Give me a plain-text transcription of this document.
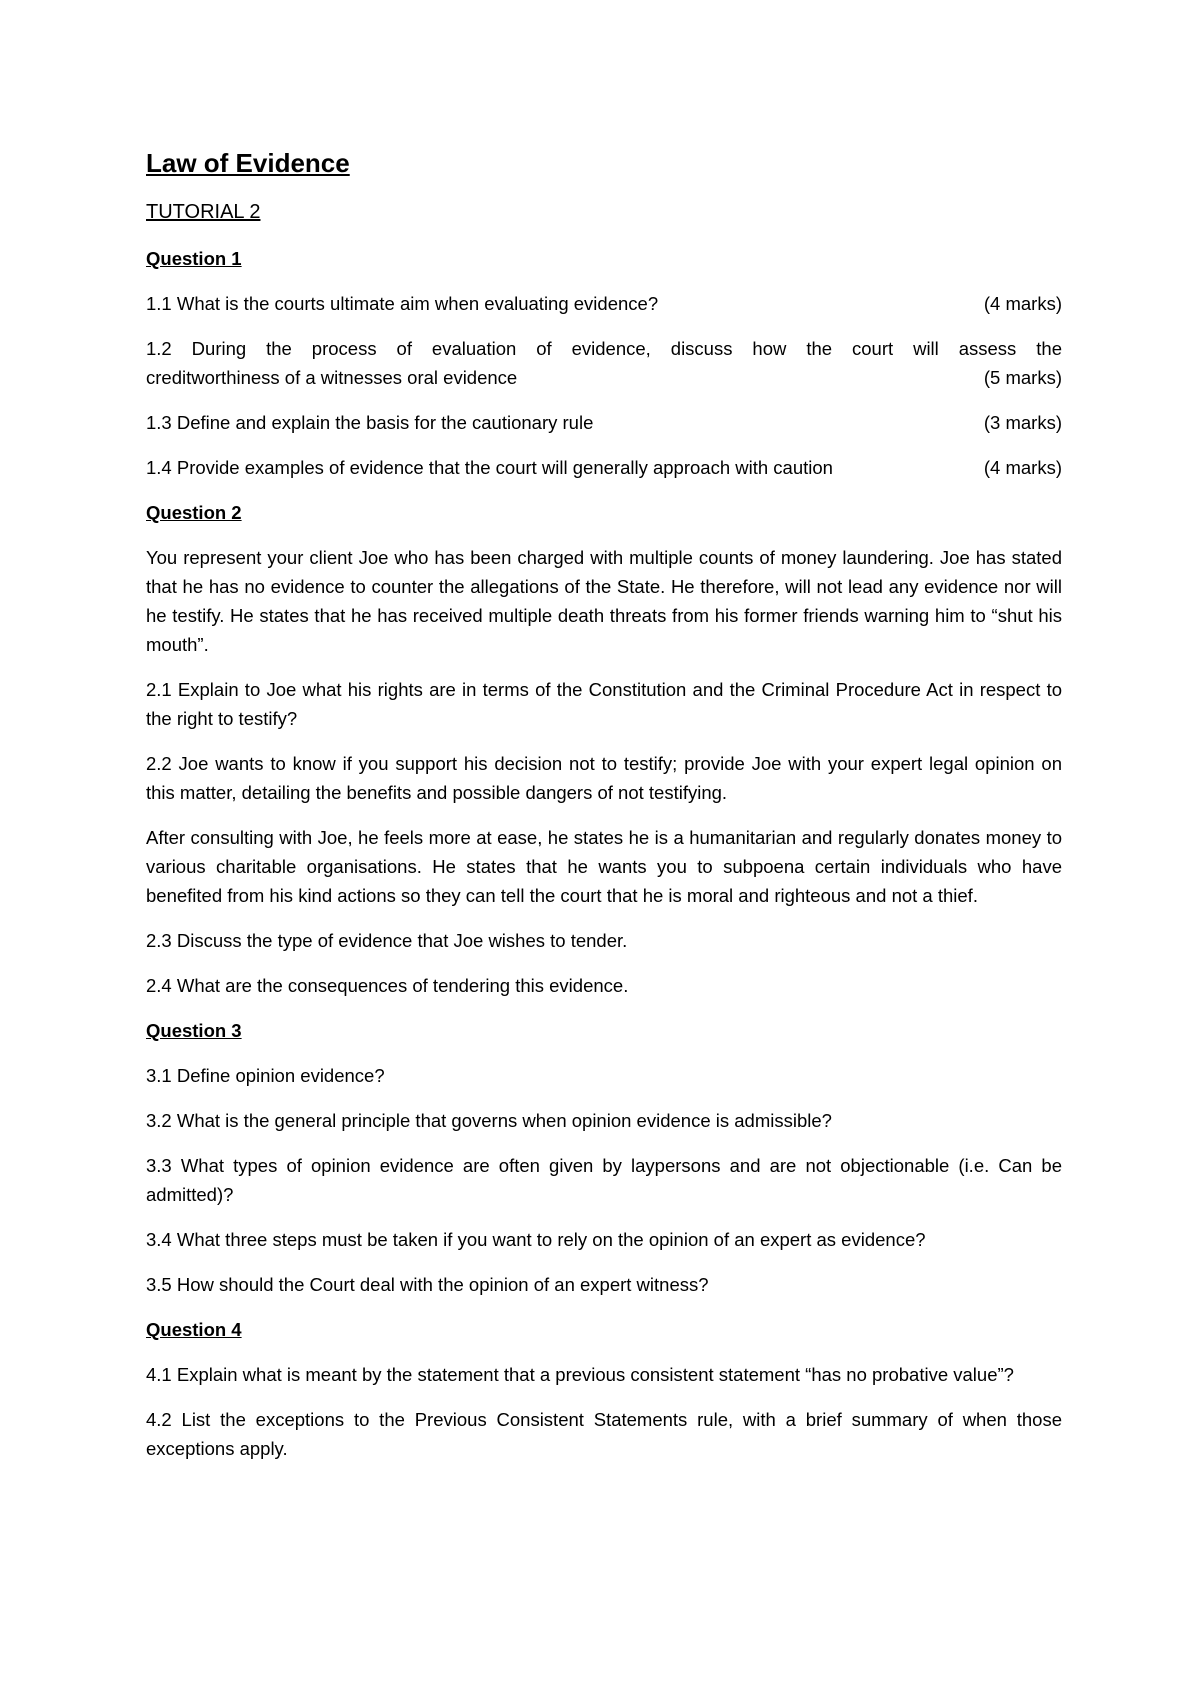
Law of Evidence
TUTORIAL 2
Question 1
1.1 What is the courts ultimate aim when evaluating evidence?	(4 marks)
1.2 During the process of evaluation of evidence, discuss how the court will assess the
creditworthiness of a witnesses oral evidence	(5 marks)
1.3 Define and explain the basis for the cautionary rule	(3 marks)
1.4 Provide examples of evidence that the court will generally approach with caution	(4 marks)
Question 2

You represent your client Joe who has been charged with multiple counts of money laundering. Joe has stated that he has no evidence to counter the allegations of the State. He therefore, will not lead any evidence nor will he testify. He states that he has received multiple death threats from his former friends warning him to “shut his mouth”.

2.1 Explain to Joe what his rights are in terms of the Constitution and the Criminal Procedure Act in respect to the right to testify?

2.2 Joe wants to know if you support his decision not to testify; provide Joe with your expert legal opinion on this matter, detailing the benefits and possible dangers of not testifying.

After consulting with Joe, he feels more at ease, he states he is a humanitarian and regularly donates money to various charitable organisations. He states that he wants you to subpoena certain individuals who have benefited from his kind actions so they can tell the court that he is moral and righteous and not a thief.

2.3 Discuss the type of evidence that Joe wishes to tender.

2.4 What are the consequences of tendering this evidence.

Question 3

3.1 Define opinion evidence?

3.2 What is the general principle that governs when opinion evidence is admissible?

3.3 What types of opinion evidence are often given by laypersons and are not objectionable (i.e. Can be admitted)?

3.4 What three steps must be taken if you want to rely on the opinion of an expert as evidence?

3.5 How should the Court deal with the opinion of an expert witness?

Question 4

4.1 Explain what is meant by the statement that a previous consistent statement “has no probative value”?

4.2 List the exceptions to the Previous Consistent Statements rule, with a brief summary of when those exceptions apply.
